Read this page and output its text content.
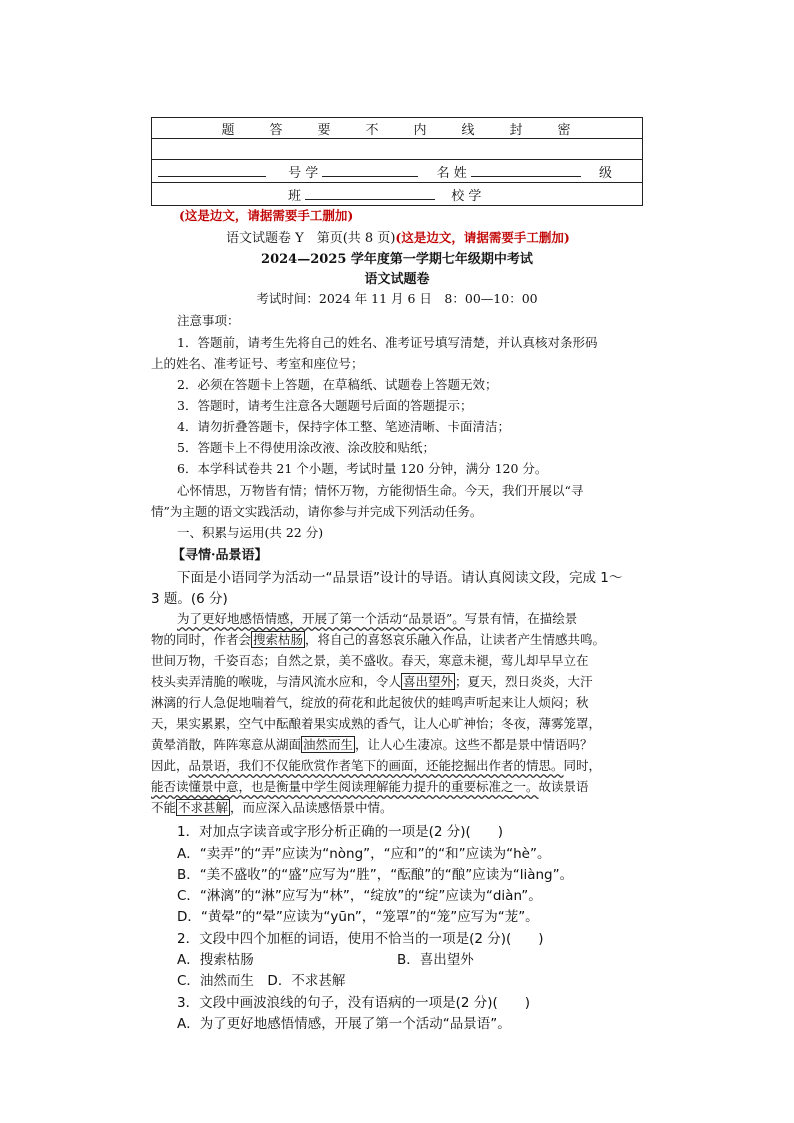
题	答	要	不	内	线	封	密

号 学	名 姓	级
班	校 学
(这是边文，请据需要手工删加)
语文试题卷 Y　第页(共 8 页)(这是边文，请据需要手工删加)
2024—2025 学年度第一学期七年级期中考试
语文试题卷
考试时间：2024 年 11 月 6 日　8：00—10：00
注意事项：
1．答题前，请考生先将自己的姓名、准考证号填写清楚，并认真核对条形码
上的姓名、准考证号、考室和座位号；
2．必须在答题卡上答题，在草稿纸、试题卷上答题无效；
3．答题时，请考生注意各大题题号后面的答题提示；
4．请勿折叠答题卡，保持字体工整、笔迹清晰、卡面清洁；
5．答题卡上不得使用涂改液、涂改胶和贴纸；
6．本学科试卷共 21 个小题，考试时量 120 分钟，满分 120 分。
心怀情思，万物皆有情；情怀万物，方能彻悟生命。今天，我们开展以“寻
情”为主题的语文实践活动，请你参与并完成下列活动任务。
一、积累与运用(共 22 分)
【寻情·品景语】
下面是小语同学为活动一“品景语”设计的导语。请认真阅读文段，完成 1～
3 题。(6 分)
为了更好地感悟情感，开展了第一个活动“品景语”。写景有情，在描绘景
物的同时，作者会 搜索枯肠 ，将自己的喜怒哀乐融入作品，让读者产生情感共鸣。
世间万物，千姿百态；自然之景，美不盛收。春天，寒意未褪，莺儿却早早立在
枝头卖弄清脆的喉咙，与清风流水应和，令人 喜出望外 ；夏天，烈日炎炎，大汗
淋漓的行人急促地喘着气，绽放的荷花和此起彼伏的蛙鸣声听起来让人烦闷；秋
天，果实累累，空气中酝酿着果实成熟的香气，让人心旷神怡；冬夜，薄雾笼罩，
黄晕消散，阵阵寒意从湖面 油然而生 ，让人心生凄凉。这些不都是景中情语吗？
因此，品景语，我们不仅能欣赏作者笔下的画面，还能挖掘出作者的情思。同时，
能否读懂景中意，也是衡量中学生阅读理解能力提升的重要标准之一。故读景语
不能 不求甚解 ，而应深入品读感悟景中情。
1．对加点字读音或字形分析正确的一项是(2 分)(　　)
A．“卖弄”的“弄”应读为“nòng”，“应和”的“和”应读为“hè”。
B．“美不盛收”的“盛”应写为“胜”，“酝酿”的“酿”应读为“liàng”。
C．“淋漓”的“淋”应写为“林”，“绽放”的“绽”应读为“diàn”。
D．“黄晕”的“晕”应读为“yūn”，“笼罩”的“笼”应写为“茏”。
2．文段中四个加框的词语，使用不恰当的一项是(2 分)(　　)
A．搜索枯肠	B．喜出望外
C．油然而生　D．不求甚解
3．文段中画波浪线的句子，没有语病的一项是(2 分)(　　)
A．为了更好地感悟情感，开展了第一个活动“品景语”。
